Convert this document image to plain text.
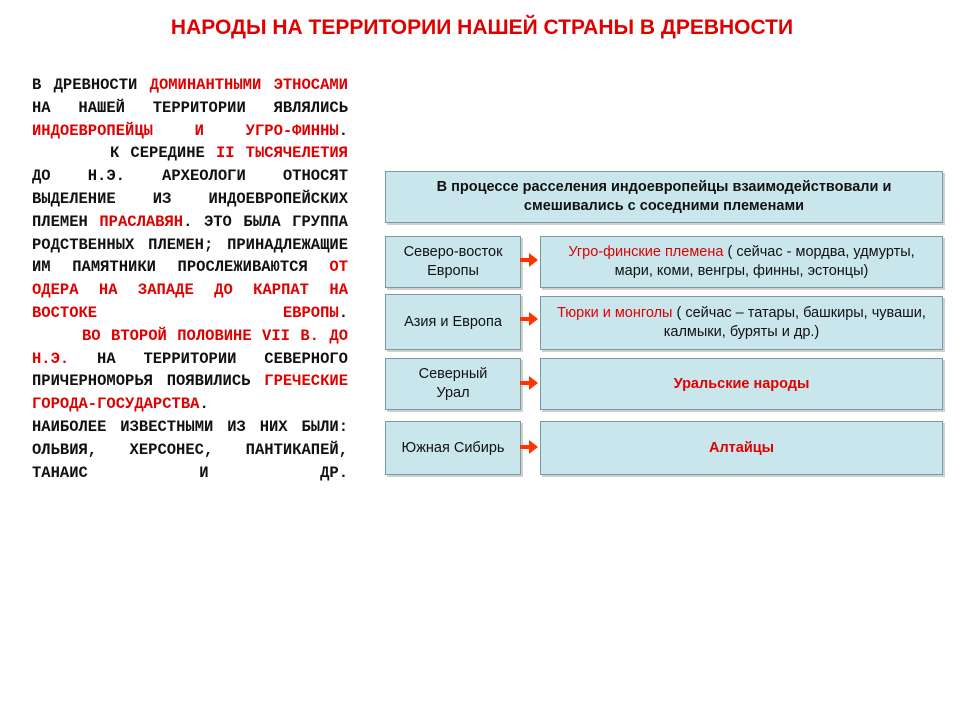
НАРОДЫ НА ТЕРРИТОРИИ НАШЕЙ СТРАНЫ В ДРЕВНОСТИ

В ДРЕВНОСТИ ДОМИНАНТНЫМИ ЭТНОСАМИ НА НАШЕЙ ТЕРРИТОРИИ ЯВЛЯЛИСЬ ИНДОЕВРОПЕЙЦЫ И УГРО-ФИННЫ.

К СЕРЕДИНЕ II ТЫСЯЧЕЛЕТИЯ ДО Н.Э. АРХЕОЛОГИ ОТНОСЯТ ВЫДЕЛЕНИЕ ИЗ ИНДОЕВРОПЕЙСКИХ ПЛЕМЕН ПРАСЛАВЯН. ЭТО БЫЛА ГРУППА РОДСТВЕННЫХ ПЛЕМЕН; ПРИНАДЛЕЖАЩИЕ ИМ ПАМЯТНИКИ ПРОСЛЕЖИВАЮТСЯ ОТ ОДЕРА НА ЗАПАДЕ ДО КАРПАТ НА ВОСТОКЕ ЕВРОПЫ.

ВО ВТОРОЙ ПОЛОВИНЕ VII В. ДО Н.Э. НА ТЕРРИТОРИИ СЕВЕРНОГО ПРИЧЕРНОМОРЬЯ ПОЯВИЛИСЬ ГРЕЧЕСКИЕ ГОРОДА-ГОСУДАРСТВА.

НАИБОЛЕЕ ИЗВЕСТНЫМИ ИЗ НИХ БЫЛИ: ОЛЬВИЯ, ХЕРСОНЕС, ПАНТИКАПЕЙ, ТАНАИС И ДР.

В процессе расселения индоевропейцы взаимодействовали и смешивались с соседними племенами
Северо-восток Европы
Угро-финские племена ( сейчас - мордва, удмурты, мари, коми, венгры, финны, эстонцы)
Азия и Европа
Тюрки и монголы ( сейчас – татары, башкиры, чуваши, калмыки, буряты и др.)
Северный Урал
Уральские народы
Южная Сибирь	Алтайцы
